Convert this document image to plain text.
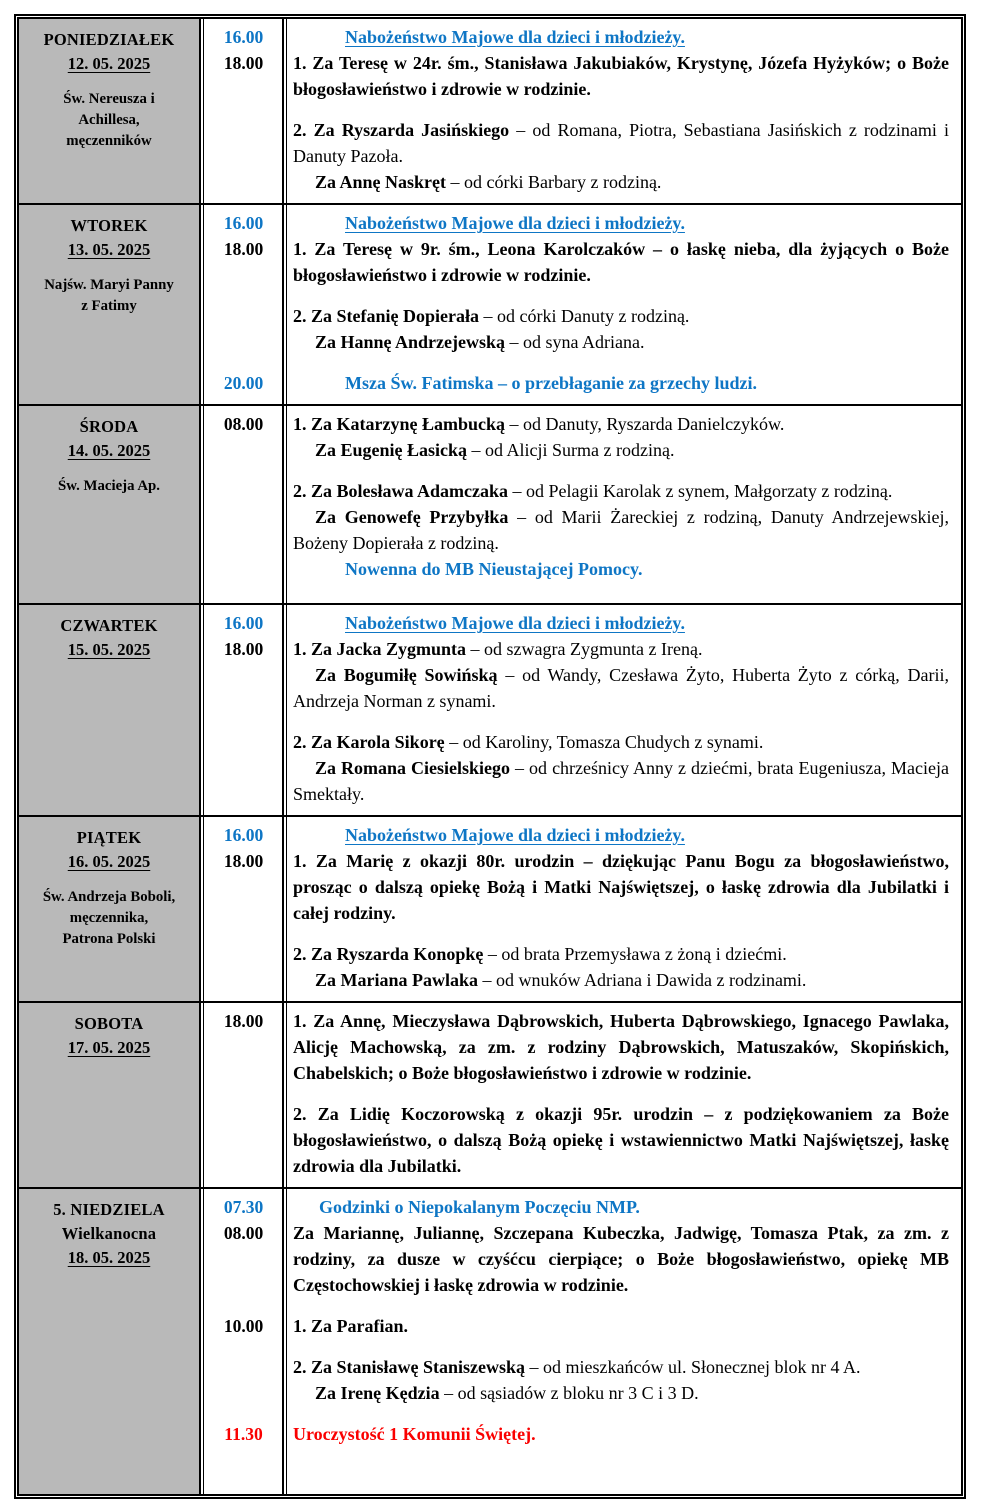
PONIEDZIAŁEK
12. 05. 2025
Św. Nereusza i
Achillesa,
męczenników
16.00	Nabożeństwo Majowe dla dzieci i młodzieży.

18.00	1. Za Teresę w 24r. śm., Stanisława Jakubiaków, Krystynę, Józefa Hyżyków; o Boże błogosławieństwo i zdrowie w rodzinie.

2. Za Ryszarda Jasińskiego – od Romana, Piotra, Sebastiana Jasińskich z rodzinami i Danuty Pazoła.

Za Annę Naskręt – od córki Barbary z rodziną.

WTOREK
13. 05. 2025
Najśw. Maryi Panny
z Fatimy
16.00	Nabożeństwo Majowe dla dzieci i młodzieży.

18.00	1. Za Teresę w 9r. śm., Leona Karolczaków – o łaskę nieba, dla żyjących o Boże błogosławieństwo i zdrowie w rodzinie.

2. Za Stefanię Dopierała – od córki Danuty z rodziną.

Za Hannę Andrzejewską – od syna Adriana.

20.00	Msza Św. Fatimska – o przebłaganie za grzechy ludzi.

ŚRODA
14. 05. 2025
Św. Macieja Ap.
08.00	1. Za Katarzynę Łambucką – od Danuty, Ryszarda Danielczyków.

Za Eugenię Łasicką – od Alicji Surma z rodziną.

2. Za Bolesława Adamczaka – od Pelagii Karolak z synem, Małgorzaty z rodziną.

Za Genowefę Przybyłka – od Marii Żareckiej z rodziną, Danuty Andrzejewskiej, Bożeny Dopierała z rodziną.

Nowenna do MB Nieustającej Pomocy.

CZWARTEK
15. 05. 2025
16.00	Nabożeństwo Majowe dla dzieci i młodzieży.

18.00	1. Za Jacka Zygmunta – od szwagra Zygmunta z Ireną.

Za Bogumiłę Sowińską – od Wandy, Czesława Żyto, Huberta Żyto z córką, Darii, Andrzeja Norman z synami.

2. Za Karola Sikorę – od Karoliny, Tomasza Chudych z synami.

Za Romana Ciesielskiego – od chrześnicy Anny z dziećmi, brata Eugeniusza, Macieja Smektały.

PIĄTEK
16. 05. 2025
Św. Andrzeja Boboli,
męczennika,
Patrona Polski
16.00	Nabożeństwo Majowe dla dzieci i młodzieży.

18.00	1. Za Marię z okazji 80r. urodzin – dziękując Panu Bogu za błogosławieństwo, prosząc o dalszą opiekę Bożą i Matki Najświętszej, o łaskę zdrowia dla Jubilatki i całej rodziny.

2. Za Ryszarda Konopkę – od brata Przemysława z żoną i dziećmi.

Za Mariana Pawlaka – od wnuków Adriana i Dawida z rodzinami.

SOBOTA
17. 05. 2025
18.00	1. Za Annę, Mieczysława Dąbrowskich, Huberta Dąbrowskiego, Ignacego Pawlaka, Alicję Machowską, za zm. z rodziny Dąbrowskich, Matuszaków, Skopińskich, Chabelskich; o Boże błogosławieństwo i zdrowie w rodzinie.

2. Za Lidię Koczorowską z okazji 95r. urodzin – z podziękowaniem za Boże błogosławieństwo, o dalszą Bożą opiekę i wstawiennictwo Matki Najświętszej, łaskę zdrowia dla Jubilatki.

5. NIEDZIELA
Wielkanocna
18. 05. 2025
07.30	Godzinki o Niepokalanym Poczęciu NMP.

08.00	Za Mariannę, Juliannę, Szczepana Kubeczka, Jadwigę, Tomasza Ptak, za zm. z rodziny, za dusze w czyśćcu cierpiące; o Boże błogosławieństwo, opiekę MB Częstochowskiej i łaskę zdrowia w rodzinie.

10.00	1. Za Parafian.

2. Za Stanisławę Staniszewską – od mieszkańców ul. Słonecznej blok nr 4 A.

Za Irenę Kędzia – od sąsiadów z bloku nr 3 C i 3 D.

11.30	Uroczystość 1 Komunii Świętej.
